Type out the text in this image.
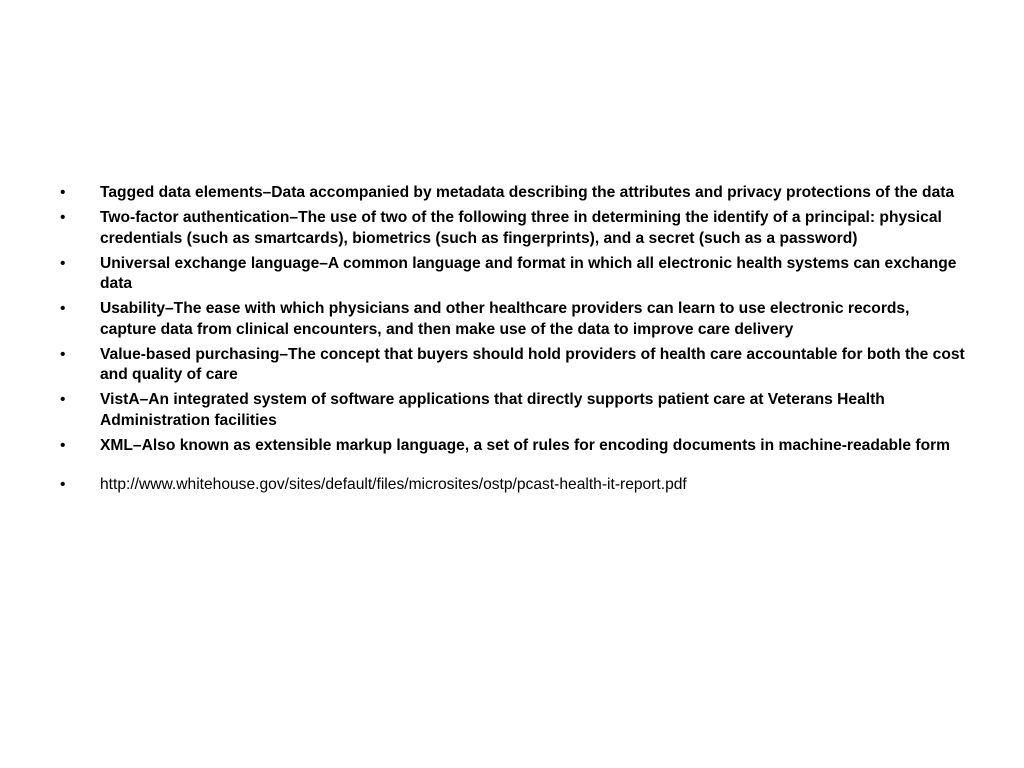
• Tagged data elements–Data accompanied by metadata describing the attributes and privacy protections of the data
• Two-factor authentication–The use of two of the following three in determining the identify of a principal: physical credentials (such as smartcards), biometrics (such as fingerprints), and a secret (such as a password)
• Universal exchange language–A common language and format in which all electronic health systems can exchange data
• Usability–The ease with which physicians and other healthcare providers can learn to use electronic records, capture data from clinical encounters, and then make use of the data to improve care delivery
• Value-based purchasing–The concept that buyers should hold providers of health care accountable for both the cost and quality of care
• VistA–An integrated system of software applications that directly supports patient care at Veterans Health Administration facilities
• XML–Also known as extensible markup language, a set of rules for encoding documents in machine-readable form
• http://www.whitehouse.gov/sites/default/files/microsites/ostp/pcast-health-it-report.pdf
